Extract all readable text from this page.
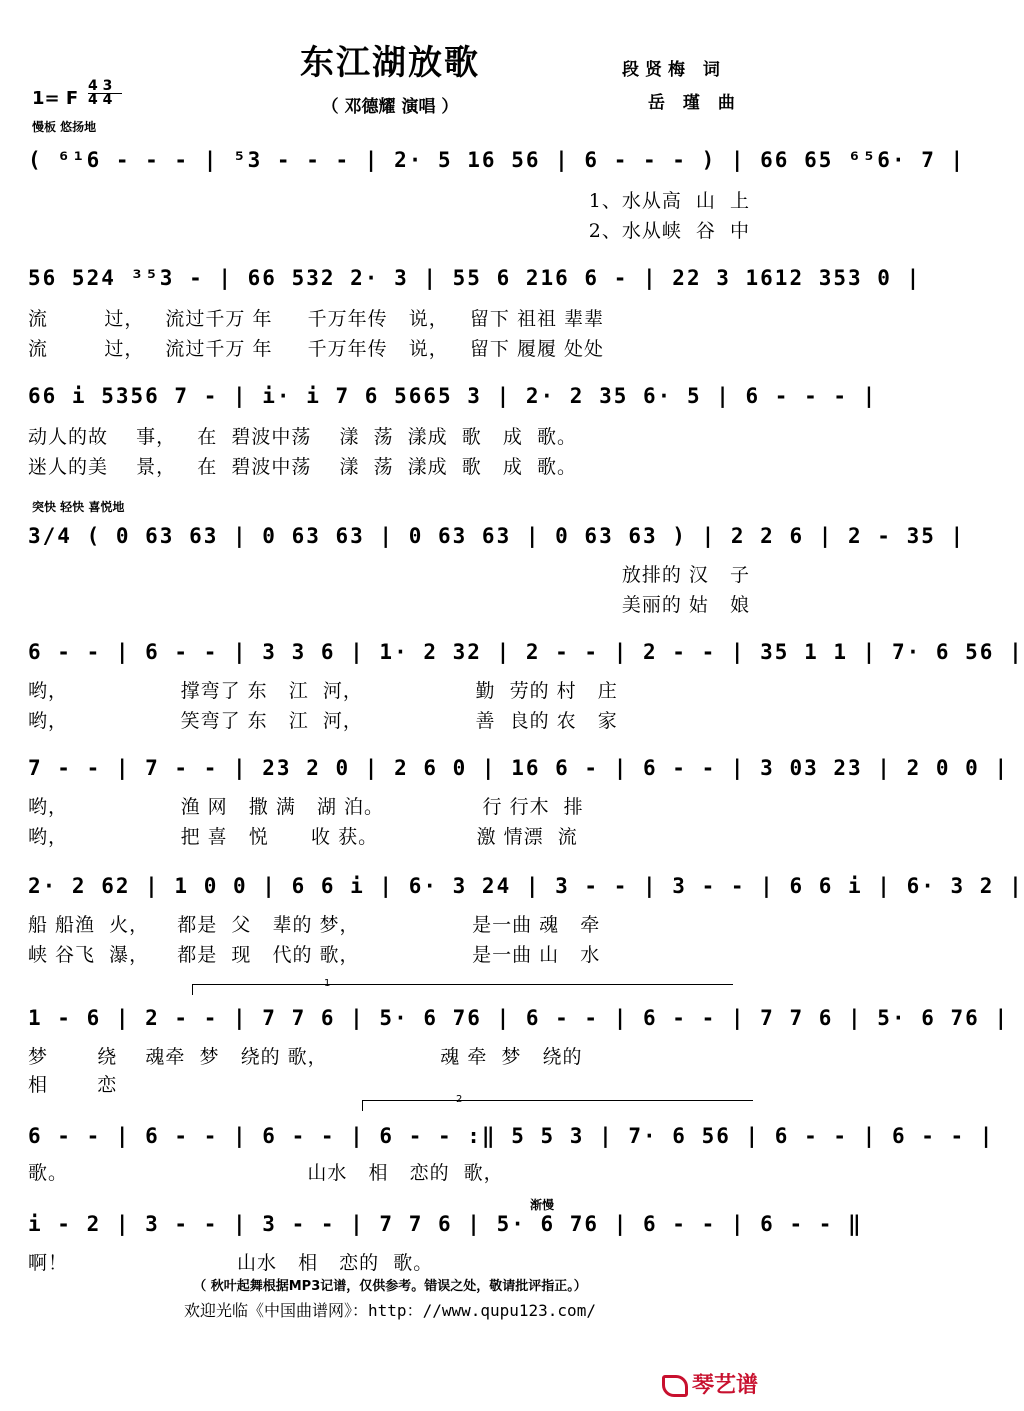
东江湖放歌
（ 邓德耀 演唱 ）
段贤梅 词
岳 瑾 曲
1= F
4 3
4 4
慢板 悠扬地
( ⁶¹6 - - - | ⁵3 - - - | 2· 5 16 56 | 6 - - - ) | 66 65 ⁶⁵6· 7 |
1、水从高  山  上
2、水从峡  谷  中
56 524 ³⁵3 - | 66 532 2· 3 | 55 6 216 6 - | 22 3 1612 353 0 |
流        过，   流过千万 年     千万年传   说，   留下 祖祖 辈辈
流        过，   流过千万 年     千万年传   说，   留下 履履 处处
66 i 5356 7 - | i· i 7 6 5665 3 | 2· 2 35 6· 5 | 6 - - - |
动人的故    事，   在  碧波中荡    漾  荡  漾成  歌   成  歌。
迷人的美    景，   在  碧波中荡    漾  荡  漾成  歌   成  歌。
突快 轻快 喜悦地
3/4 ( 0 63 63 | 0 63 63 | 0 63 63 | 0 63 63 ) | 2 2 6 | 2 - 35 |
放排的 汉   子
美丽的 姑   娘
6 - - | 6 - - | 3 3 6 | 1· 2 32 | 2 - - | 2 - - | 35 1 1 | 7· 6 56 |
哟，                撑弯了 东   江  河，                勤  劳的 村   庄
哟，                笑弯了 东   江  河，                善  良的 农   家
7 - - | 7 - - | 23 2 0 | 2 6 0 | 16 6 - | 6 - - | 3 03 23 | 2 0 0 |
哟，                渔 网   撒 满   湖 泊。              行 行木  排
哟，                把 喜   悦      收 获。              激 情漂  流
2· 2 62 | 1 0 0 | 6 6 i | 6· 3 24 | 3 - - | 3 - - | 6 6 i | 6· 3 2 |
船 船渔  火，    都是  父   辈的 梦，                是一曲 魂   牵
峡 谷飞  瀑，    都是  现   代的 歌，                是一曲 山   水
1
1 - 6 | 2 - - | 7 7 6 | 5· 6 76 | 6 - - | 6 - - | 7 7 6 | 5· 6 76 |
梦       绕    魂牵  梦   绕的 歌，                魂 牵  梦   绕的
相       恋
2
6 - - | 6 - - | 6 - - | 6 - - :‖ 5 5 3 | 7· 6 56 | 6 - - | 6 - - |
歌。                                  山水   相   恋的  歌，
渐慢
i - 2 | 3 - - | 3 - - | 7 7 6 | 5· 6 76 | 6 - - | 6 - - ‖
啊！                        山水   相   恋的  歌。
（ 秋叶起舞根据MP3记谱，仅供参考。错误之处，敬请批评指正。）
欢迎光临《中国曲谱网》：http：//www.qupu123.com/
琴艺谱
